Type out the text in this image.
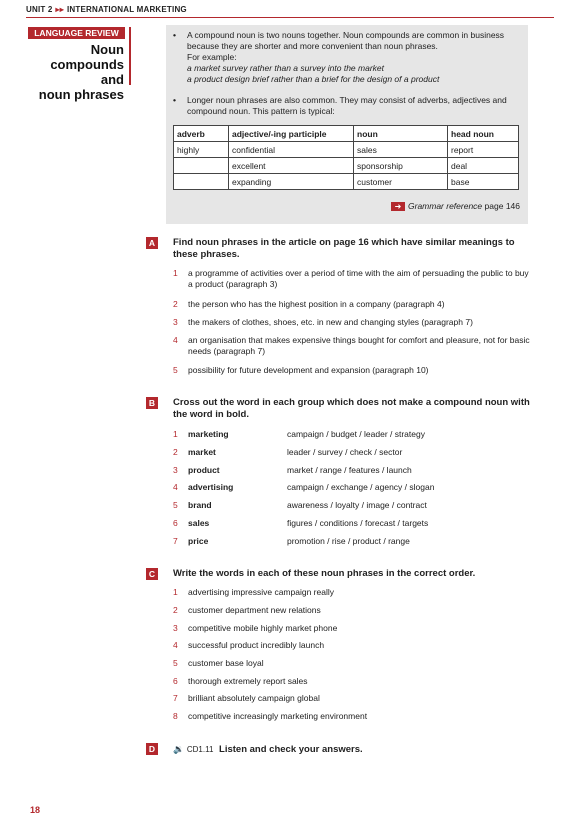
UNIT 2 ▸▸ INTERNATIONAL MARKETING
LANGUAGE REVIEW
Noun
compounds and
noun phrases
• A compound noun is two nouns together. Noun compounds are common in business because they are shorter and more convenient than noun phrases.
For example:
a market survey rather than a survey into the market
a product design brief rather than a brief for the design of a product
• Longer noun phrases are also common. They may consist of adverbs, adjectives and compound noun. This pattern is typical:
adverb	adjective/-ing participle	noun	head noun
highly	confidential	sales	report
	excellent	sponsorship	deal
	expanding	customer	base
➜ Grammar reference page 146
A	Find noun phrases in the article on page 16 which have similar meanings to these phrases.
1 a programme of activities over a period of time with the aim of persuading the public to buy a product (paragraph 3)
2 the person who has the highest position in a company (paragraph 4)
3 the makers of clothes, shoes, etc. in new and changing styles (paragraph 7)
4 an organisation that makes expensive things bought for comfort and pleasure, not for basic needs (paragraph 7)
5 possibility for future development and expansion (paragraph 10)
B	Cross out the word in each group which does not make a compound noun with the word in bold.
1 marketing	campaign / budget / leader / strategy
2 market	leader / survey / check / sector
3 product	market / range / features / launch
4 advertising	campaign / exchange / agency / slogan
5 brand	awareness / loyalty / image / contract
6 sales	figures / conditions / forecast / targets
7 price	promotion / rise / product / range
C	Write the words in each of these noun phrases in the correct order.
1 advertising impressive campaign really
2 customer department new relations
3 competitive mobile highly market phone
4 successful product incredibly launch
5 customer base loyal
6 thorough extremely report sales
7 brilliant absolutely campaign global
8 competitive increasingly marketing environment
D	🔉 CD1.11 Listen and check your answers.
18
